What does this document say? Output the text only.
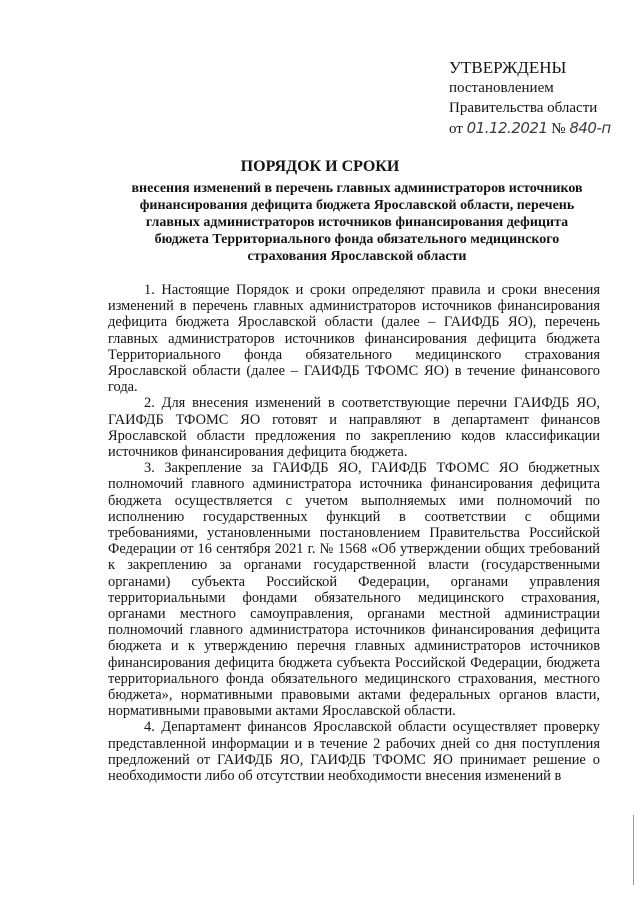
УТВЕРЖДЕНЫ
постановлением
Правительства области
от 01.12.2021 № 840-п
ПОРЯДОК И СРОКИ
внесения изменений в перечень главных администраторов источников финансирования дефицита бюджета Ярославской области, перечень главных администраторов источников финансирования дефицита бюджета Территориального фонда обязательного медицинского страхования Ярославской области

1. Настоящие Порядок и сроки определяют правила и сроки внесения изменений в перечень главных администраторов источников финансирования дефицита бюджета Ярославской области (далее – ГАИФДБ ЯО), перечень главных администраторов источников финансирования дефицита бюджета Территориального фонда обязательного медицинского страхования Ярославской области (далее – ГАИФДБ ТФОМС ЯО) в течение финансового года.

2. Для внесения изменений в соответствующие перечни ГАИФДБ ЯО, ГАИФДБ ТФОМС ЯО готовят и направляют в департамент финансов Ярославской области предложения по закреплению кодов классификации источников финансирования дефицита бюджета.

3. Закрепление за ГАИФДБ ЯО, ГАИФДБ ТФОМС ЯО бюджетных полномочий главного администратора источника финансирования дефицита бюджета осуществляется с учетом выполняемых ими полномочий по исполнению государственных функций в соответствии с общими требованиями, установленными постановлением Правительства Российской Федерации от 16 сентября 2021 г. № 1568 «Об утверждении общих требований к закреплению за органами государственной власти (государственными органами) субъекта Российской Федерации, органами управления территориальными фондами обязательного медицинского страхования, органами местного самоуправления, органами местной администрации полномочий главного администратора источников финансирования дефицита бюджета и к утверждению перечня главных администраторов источников финансирования дефицита бюджета субъекта Российской Федерации, бюджета территориального фонда обязательного медицинского страхования, местного бюджета», нормативными правовыми актами федеральных органов власти, нормативными правовыми актами Ярославской области.

4. Департамент финансов Ярославской области осуществляет проверку представленной информации и в течение 2 рабочих дней со дня поступления предложений от ГАИФДБ ЯО, ГАИФДБ ТФОМС ЯО принимает решение о необходимости либо об отсутствии необходимости внесения изменений в
